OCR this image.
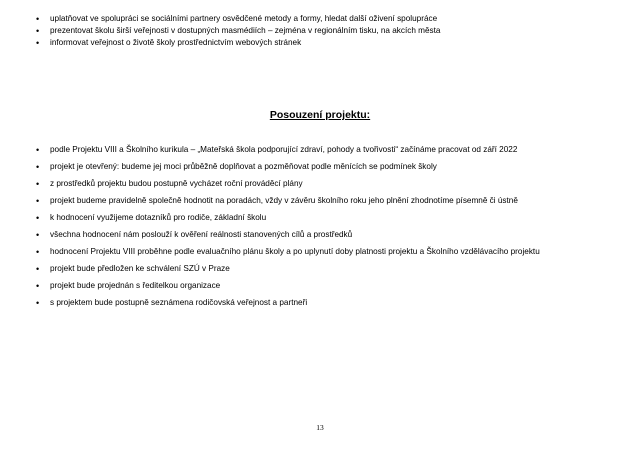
• uplatňovat ve spolupráci se sociálními partnery osvědčené metody a formy, hledat další oživení spolupráce
• prezentovat školu širší veřejnosti v dostupných masmédiích – zejména v regionálním tisku, na akcích města
• informovat veřejnost o životě školy prostřednictvím webových stránek
Posouzení projektu:
• podle Projektu VIII a Školního kurikula – „Mateřská škola podporující zdraví, pohody a tvořivosti“ začínáme pracovat od září 2022
• projekt je otevřený: budeme jej moci průběžně doplňovat a pozměňovat podle měnících se podmínek školy
• z prostředků projektu budou postupně vycházet roční prováděcí plány
• projekt budeme pravidelně společně hodnotit na poradách, vždy v závěru školního roku jeho plnění zhodnotíme písemně či ústně
• k hodnocení využijeme dotazníků pro rodiče, základní školu
• všechna hodnocení nám poslouží k ověření reálnosti stanovených cílů a prostředků
• hodnocení Projektu VIII proběhne podle evaluačního plánu školy a po uplynutí doby platnosti projektu a Školního vzdělávacího projektu
• projekt bude předložen ke schválení SZÚ v Praze
• projekt bude projednán s ředitelkou organizace
• s projektem bude postupně seznámena rodičovská veřejnost a partneři
13
